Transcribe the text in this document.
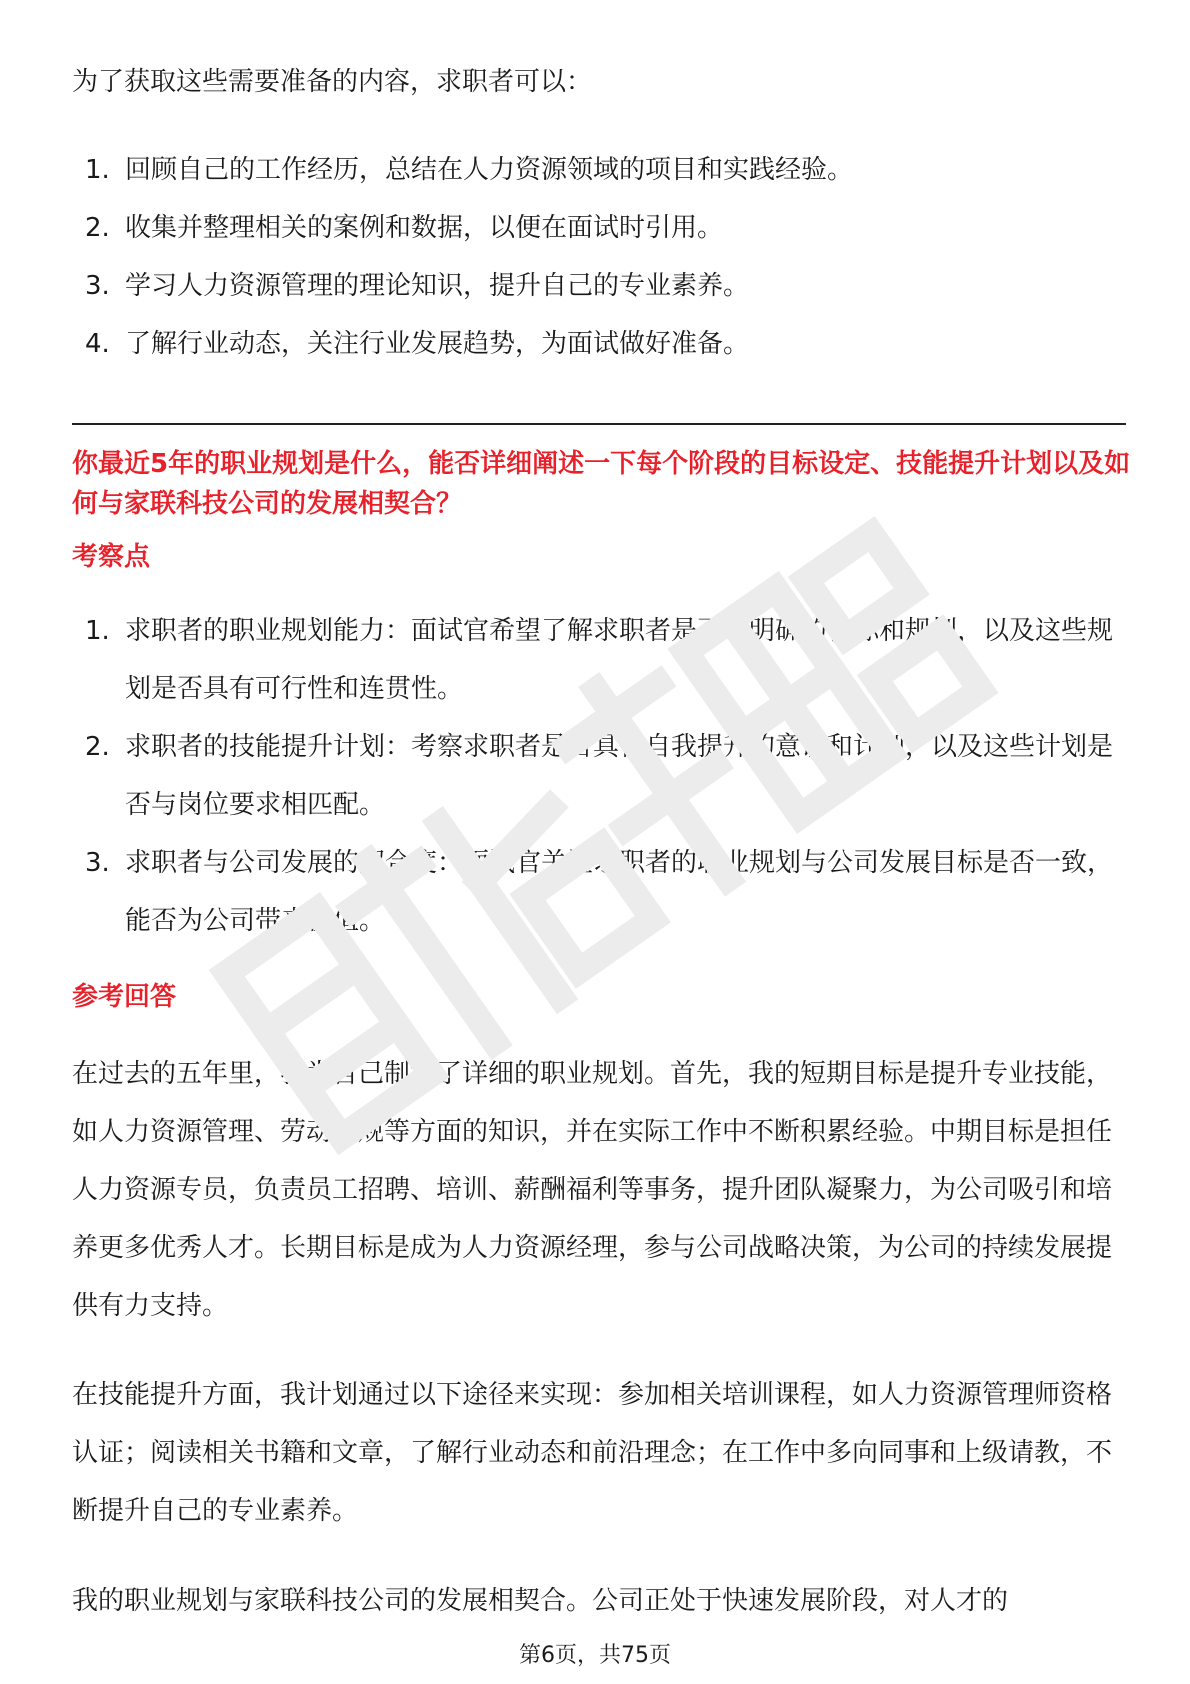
为了获取这些需要准备的内容，求职者可以：

1. 回顾自己的工作经历，总结在人力资源领域的项目和实践经验。
2. 收集并整理相关的案例和数据，以便在面试时引用。
3. 学习人力资源管理的理论知识，提升自己的专业素养。
4. 了解行业动态，关注行业发展趋势，为面试做好准备。
你最近5年的职业规划是什么，能否详细阐述一下每个阶段的目标设定、技能提升计划以及如何与家联科技公司的发展相契合？
考察点
1. 求职者的职业规划能力：面试官希望了解求职者是否有明确的目标和规划，以及这些规划是否具有可行性和连贯性。
2. 求职者的技能提升计划：考察求职者是否具备自我提升的意识和计划，以及这些计划是否与岗位要求相匹配。
3. 求职者与公司发展的契合度：面试官关注求职者的职业规划与公司发展目标是否一致，能否为公司带来价值。
参考回答

在过去的五年里，我为自己制定了详细的职业规划。首先，我的短期目标是提升专业技能，如人力资源管理、劳动法规等方面的知识，并在实际工作中不断积累经验。中期目标是担任人力资源专员，负责员工招聘、培训、薪酬福利等事务，提升团队凝聚力，为公司吸引和培养更多优秀人才。长期目标是成为人力资源经理，参与公司战略决策，为公司的持续发展提供有力支持。

在技能提升方面，我计划通过以下途径来实现：参加相关培训课程，如人力资源管理师资格认证；阅读相关书籍和文章，了解行业动态和前沿理念；在工作中多向同事和上级请教，不断提升自己的专业素养。

我的职业规划与家联科技公司的发展相契合。公司正处于快速发展阶段，对人才的

第6页，共75页
